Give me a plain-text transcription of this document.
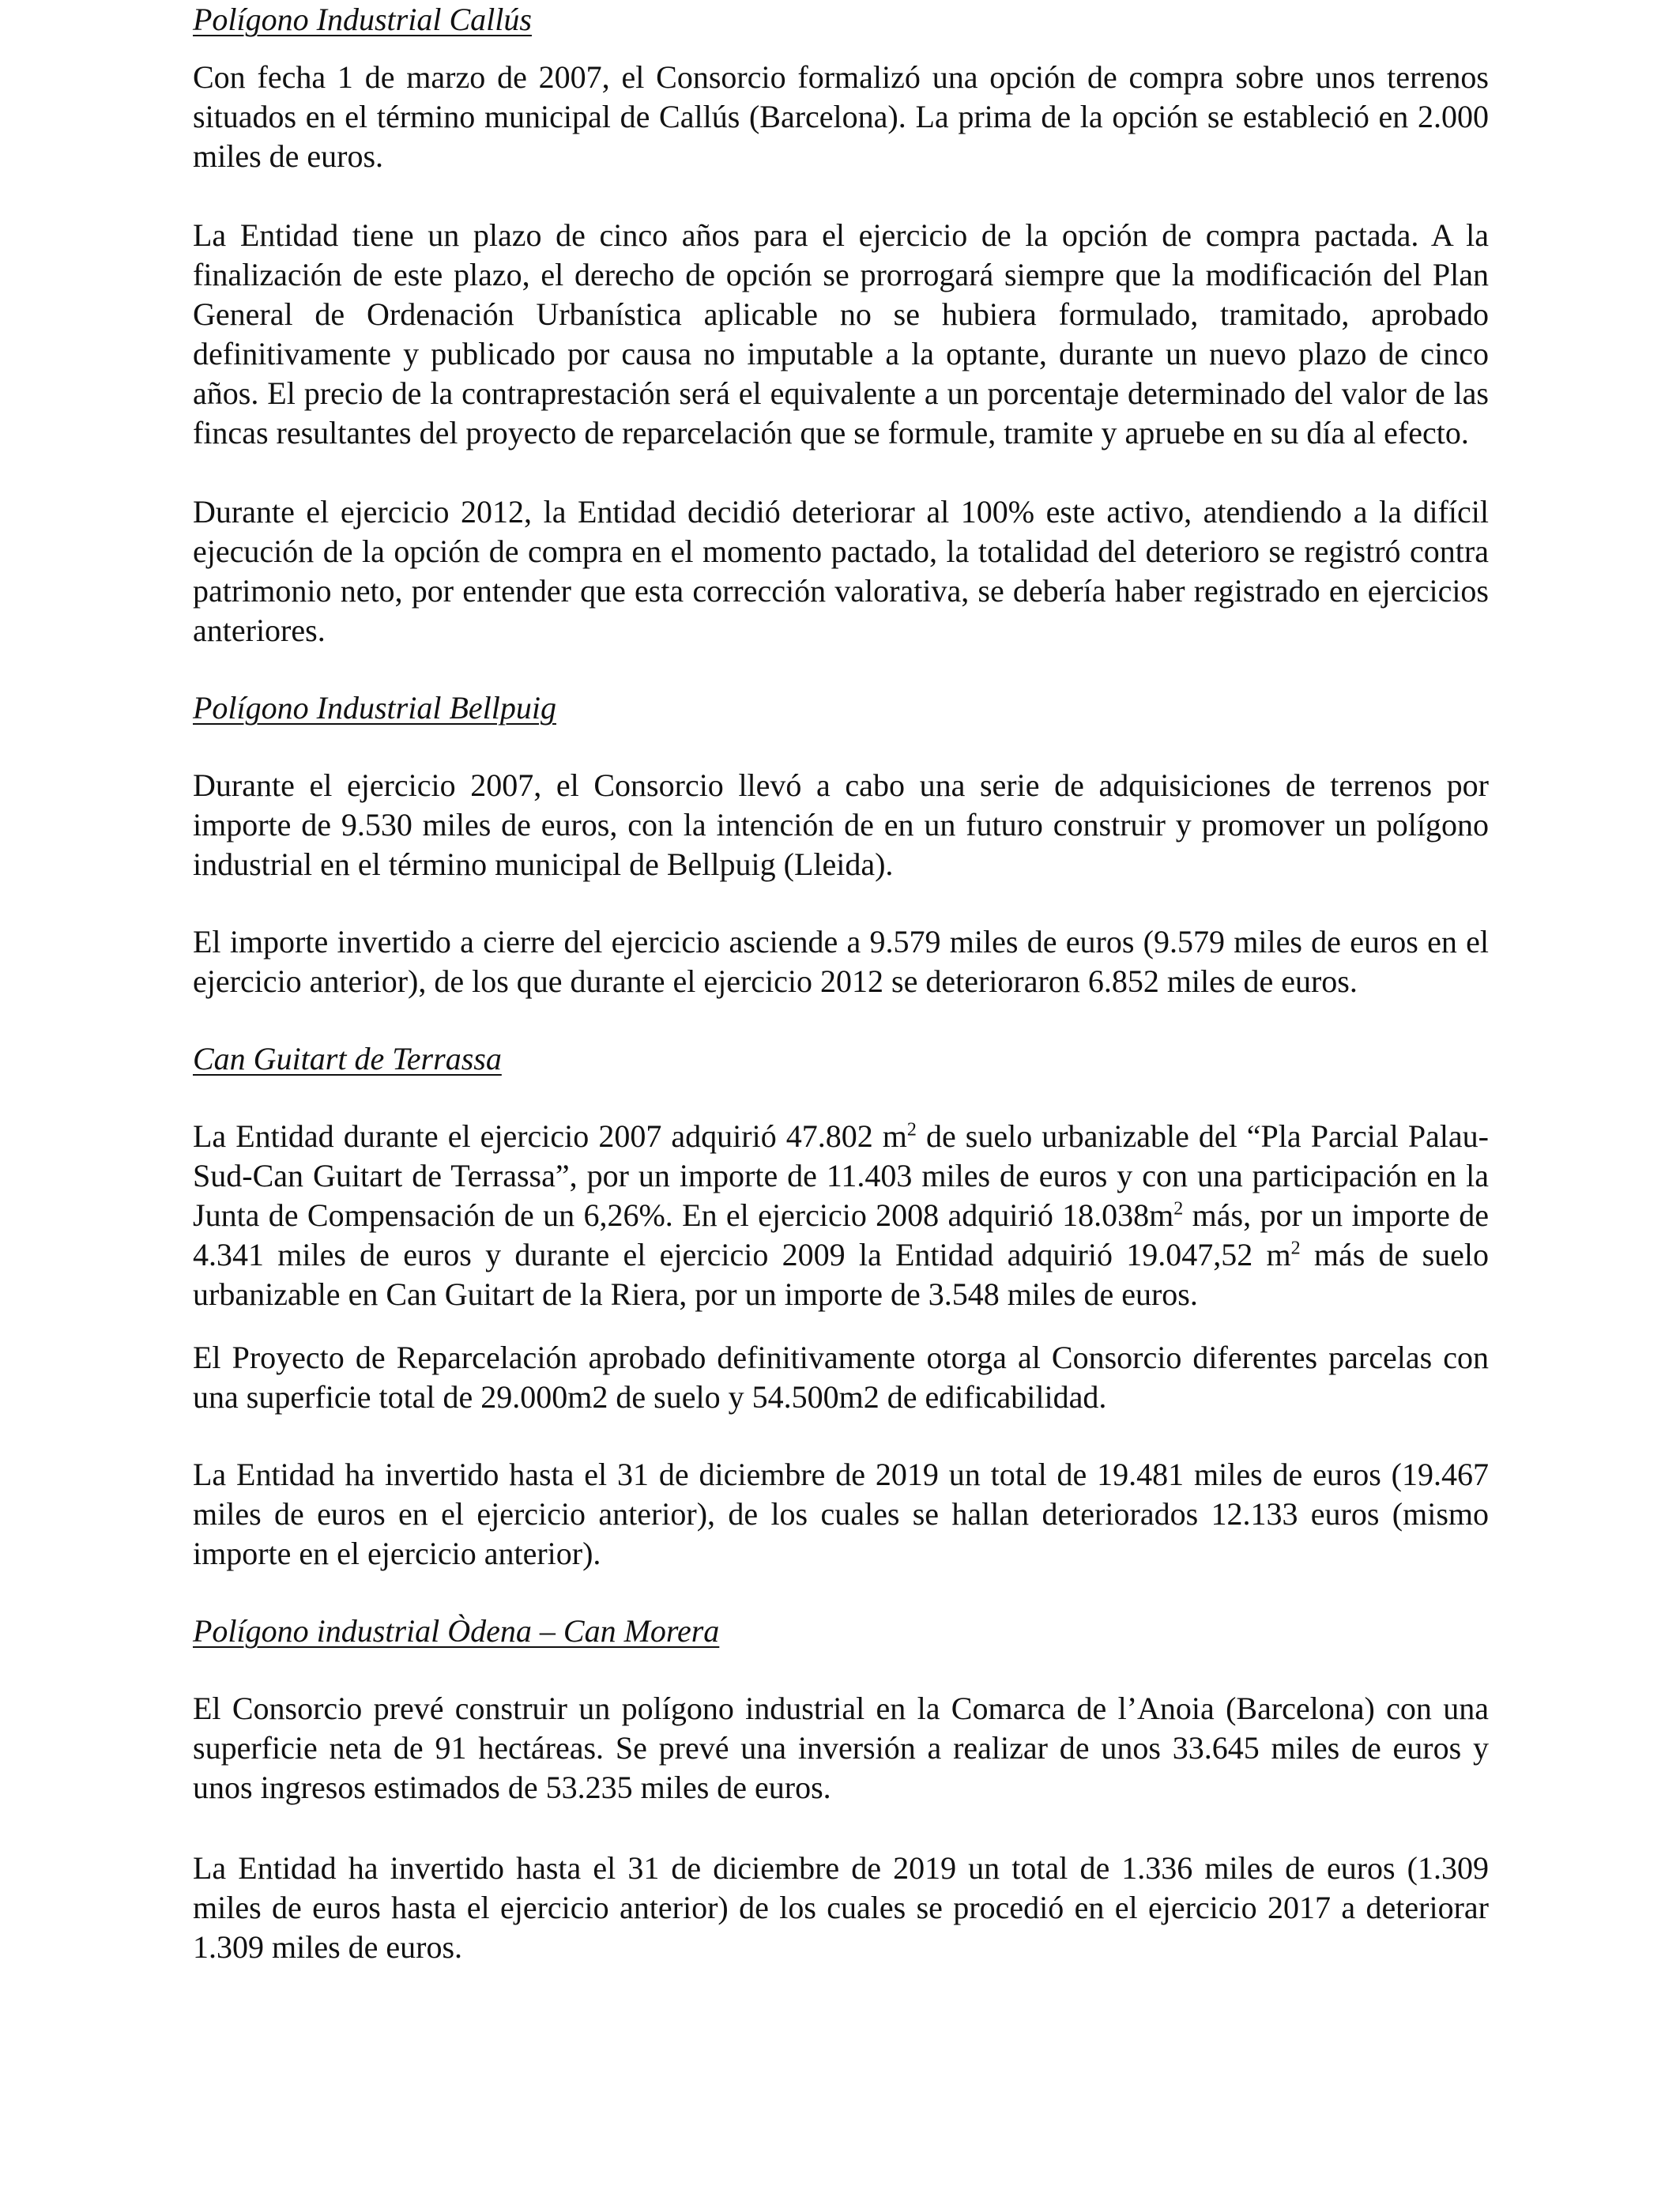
Polígono Industrial Callús

Con fecha 1 de marzo de 2007, el Consorcio formalizó una opción de compra sobre unos terrenos situados en el término municipal de Callús (Barcelona). La prima de la opción se estableció en 2.000 miles de euros.

La Entidad tiene un plazo de cinco años para el ejercicio de la opción de compra pactada. A la finalización de este plazo, el derecho de opción se prorrogará siempre que la modificación del Plan General de Ordenación Urbanística aplicable no se hubiera formulado, tramitado, aprobado definitivamente y publicado por causa no imputable a la optante, durante un nuevo plazo de cinco años. El precio de la contraprestación será el equivalente a un porcentaje determinado del valor de las fincas resultantes del proyecto de reparcelación que se formule, tramite y apruebe en su día al efecto.

Durante el ejercicio 2012, la Entidad decidió deteriorar al 100% este activo, atendiendo a la difícil ejecución de la opción de compra en el momento pactado, la totalidad del deterioro se registró contra patrimonio neto, por entender que esta corrección valorativa, se debería haber registrado en ejercicios anteriores.

Polígono Industrial Bellpuig

Durante el ejercicio 2007, el Consorcio llevó a cabo una serie de adquisiciones de terrenos por importe de 9.530 miles de euros, con la intención de en un futuro construir y promover un polígono industrial en el término municipal de Bellpuig (Lleida).

El importe invertido a cierre del ejercicio asciende a 9.579 miles de euros (9.579 miles de euros en el ejercicio anterior), de los que durante el ejercicio 2012 se deterioraron 6.852 miles de euros.

Can Guitart de Terrassa

La Entidad durante el ejercicio 2007 adquirió 47.802 $m^2$ de suelo urbanizable del “Pla Parcial Palau-Sud-Can Guitart de Terrassa”, por un importe de 11.403 miles de euros y con una participación en la Junta de Compensación de un 6,26%. En el ejercicio 2008 adquirió $18.038m^2$ más, por un importe de 4.341 miles de euros y durante el ejercicio 2009 la Entidad adquirió 19.047,52 $m^2$ más de suelo urbanizable en Can Guitart de la Riera, por un importe de 3.548 miles de euros.

El Proyecto de Reparcelación aprobado definitivamente otorga al Consorcio diferentes parcelas con una superficie total de 29.000m2 de suelo y 54.500m2 de edificabilidad.

La Entidad ha invertido hasta el 31 de diciembre de 2019 un total de 19.481 miles de euros (19.467 miles de euros en el ejercicio anterior), de los cuales se hallan deteriorados 12.133 euros (mismo importe en el ejercicio anterior).

Polígono industrial Òdena – Can Morera

El Consorcio prevé construir un polígono industrial en la Comarca de l’Anoia (Barcelona) con una superficie neta de 91 hectáreas. Se prevé una inversión a realizar de unos 33.645 miles de euros y unos ingresos estimados de 53.235 miles de euros.

La Entidad ha invertido hasta el 31 de diciembre de 2019 un total de 1.336 miles de euros (1.309 miles de euros hasta el ejercicio anterior) de los cuales se procedió en el ejercicio 2017 a deteriorar 1.309 miles de euros.
